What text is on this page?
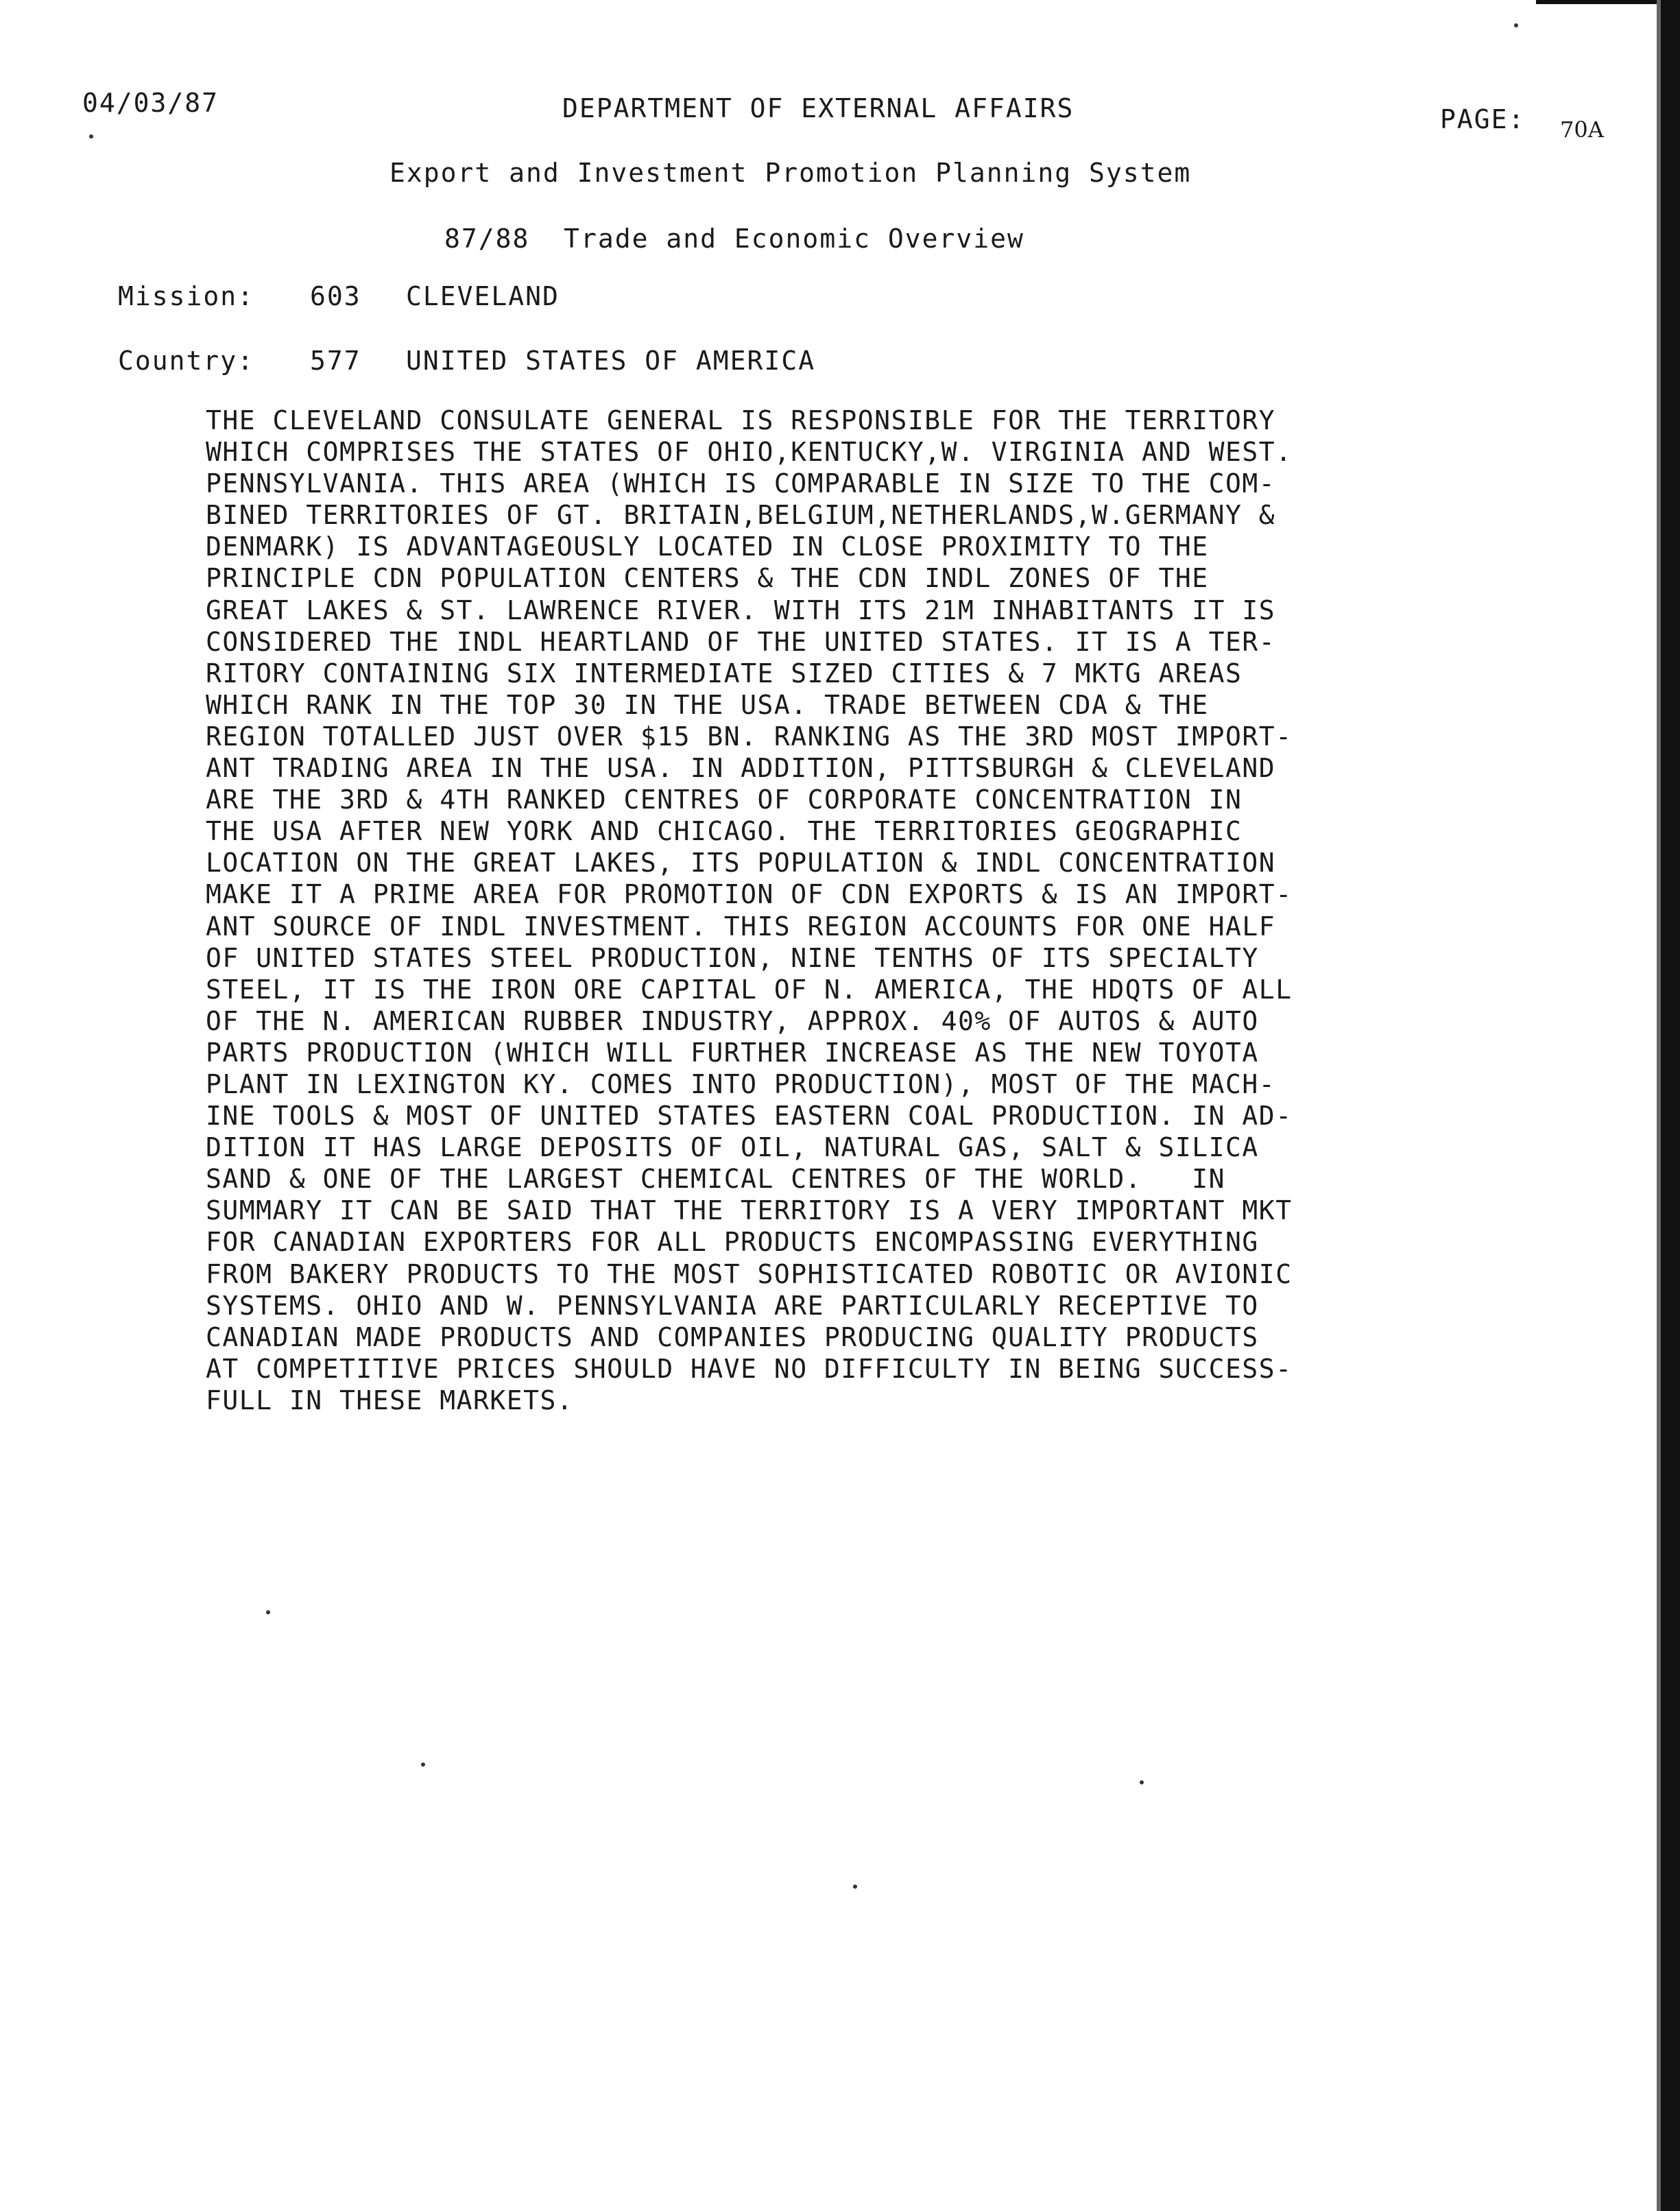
04/03/87	DEPARTMENT OF EXTERNAL AFFAIRS	PAGE: 70A
Export and Investment Promotion Planning System
87/88  Trade and Economic Overview
Mission: 603 CLEVELAND
Country: 577 UNITED STATES OF AMERICA
THE CLEVELAND CONSULATE GENERAL IS RESPONSIBLE FOR THE TERRITORY
WHICH COMPRISES THE STATES OF OHIO,KENTUCKY,W. VIRGINIA AND WEST.
PENNSYLVANIA. THIS AREA (WHICH IS COMPARABLE IN SIZE TO THE COM-
BINED TERRITORIES OF GT. BRITAIN,BELGIUM,NETHERLANDS,W.GERMANY &
DENMARK) IS ADVANTAGEOUSLY LOCATED IN CLOSE PROXIMITY TO THE
PRINCIPLE CDN POPULATION CENTERS & THE CDN INDL ZONES OF THE
GREAT LAKES & ST. LAWRENCE RIVER. WITH ITS 21M INHABITANTS IT IS
CONSIDERED THE INDL HEARTLAND OF THE UNITED STATES. IT IS A TER-
RITORY CONTAINING SIX INTERMEDIATE SIZED CITIES & 7 MKTG AREAS
WHICH RANK IN THE TOP 30 IN THE USA. TRADE BETWEEN CDA & THE
REGION TOTALLED JUST OVER $15 BN. RANKING AS THE 3RD MOST IMPORT-
ANT TRADING AREA IN THE USA. IN ADDITION, PITTSBURGH & CLEVELAND
ARE THE 3RD & 4TH RANKED CENTRES OF CORPORATE CONCENTRATION IN
THE USA AFTER NEW YORK AND CHICAGO. THE TERRITORIES GEOGRAPHIC
LOCATION ON THE GREAT LAKES, ITS POPULATION & INDL CONCENTRATION
MAKE IT A PRIME AREA FOR PROMOTION OF CDN EXPORTS & IS AN IMPORT-
ANT SOURCE OF INDL INVESTMENT. THIS REGION ACCOUNTS FOR ONE HALF
OF UNITED STATES STEEL PRODUCTION, NINE TENTHS OF ITS SPECIALTY
STEEL, IT IS THE IRON ORE CAPITAL OF N. AMERICA, THE HDQTS OF ALL
OF THE N. AMERICAN RUBBER INDUSTRY, APPROX. 40% OF AUTOS & AUTO
PARTS PRODUCTION (WHICH WILL FURTHER INCREASE AS THE NEW TOYOTA
PLANT IN LEXINGTON KY. COMES INTO PRODUCTION), MOST OF THE MACH-
INE TOOLS & MOST OF UNITED STATES EASTERN COAL PRODUCTION. IN AD-
DITION IT HAS LARGE DEPOSITS OF OIL, NATURAL GAS, SALT & SILICA
SAND & ONE OF THE LARGEST CHEMICAL CENTRES OF THE WORLD.   IN
SUMMARY IT CAN BE SAID THAT THE TERRITORY IS A VERY IMPORTANT MKT
FOR CANADIAN EXPORTERS FOR ALL PRODUCTS ENCOMPASSING EVERYTHING
FROM BAKERY PRODUCTS TO THE MOST SOPHISTICATED ROBOTIC OR AVIONIC
SYSTEMS. OHIO AND W. PENNSYLVANIA ARE PARTICULARLY RECEPTIVE TO
CANADIAN MADE PRODUCTS AND COMPANIES PRODUCING QUALITY PRODUCTS
AT COMPETITIVE PRICES SHOULD HAVE NO DIFFICULTY IN BEING SUCCESS-
FULL IN THESE MARKETS.
